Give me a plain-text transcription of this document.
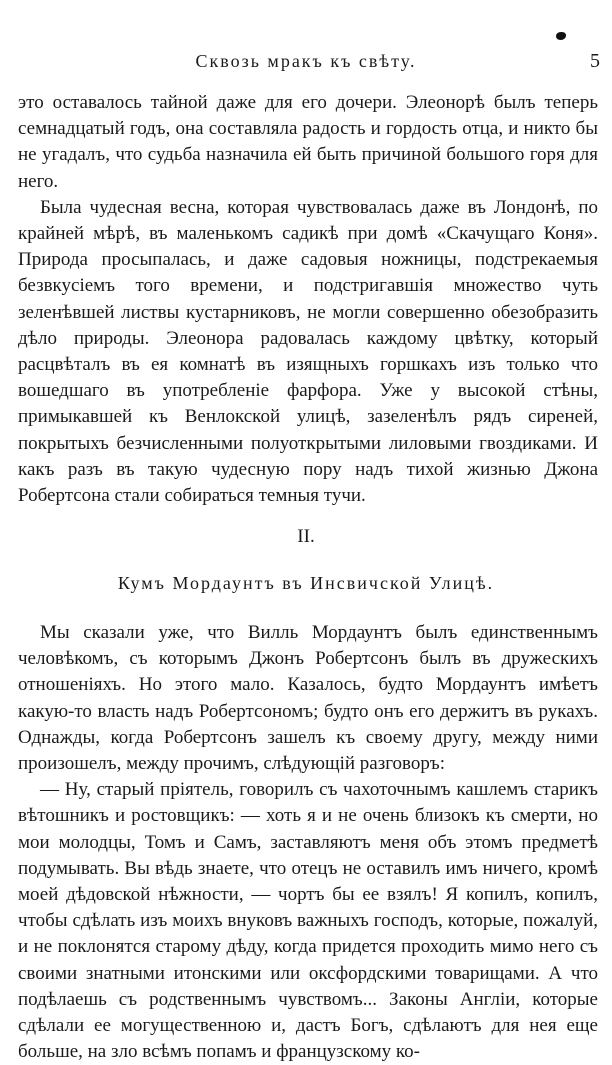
Сквозь мракъ къ свѣту.	5

это оставалось тайной даже для его дочери. Элеонорѣ былъ теперь семнадцатый годъ, она составляла радость и гордость отца, и никто бы не угадалъ, что судьба назначила ей быть причиной большого горя для него.

Была чудесная весна, которая чувствовалась даже въ Лондонѣ, по крайней мѣрѣ, въ маленькомъ садикѣ при домѣ «Скачущаго Коня». Природа просыпалась, и даже садовыя ножницы, подстрекаемыя безвкусіемъ того времени, и подстригавшія множество чуть зеленѣвшей листвы кустарниковъ, не могли совершенно обезобразить дѣло природы. Элеонора радовалась каждому цвѣтку, который расцвѣталъ въ ея комнатѣ въ изящныхъ горшкахъ изъ только что вошедшаго въ употребленіе фарфора. Уже у высокой стѣны, примыкавшей къ Венлокской улицѣ, зазеленѣлъ рядъ сиреней, покрытыхъ безчисленными полуоткрытыми лиловыми гвоздиками. И какъ разъ въ такую чудесную пору надъ тихой жизнью Джона Робертсона стали собираться темныя тучи.

II.
Кумъ Мордаунтъ въ Инсвичской Улицѣ.

Мы сказали уже, что Вилль Мордаунтъ былъ единственнымъ человѣкомъ, съ которымъ Джонъ Робертсонъ былъ въ дружескихъ отношеніяхъ. Но этого мало. Казалось, будто Мордаунтъ имѣетъ какую-то власть надъ Робертсономъ; будто онъ его держитъ въ рукахъ. Однажды, когда Робертсонъ зашелъ къ своему другу, между ними произошелъ, между прочимъ, слѣдующій разговоръ:

— Ну, старый пріятель, говорилъ съ чахоточнымъ кашлемъ старикъ вѣтошникъ и ростовщикъ: — хоть я и не очень близокъ къ смерти, но мои молодцы, Томъ и Самъ, заставляютъ меня объ этомъ предметѣ подумывать. Вы вѣдь знаете, что отецъ не оставилъ имъ ничего, кромѣ моей дѣдовской нѣжности, — чортъ бы ее взялъ! Я копилъ, копилъ, чтобы сдѣлать изъ моихъ внуковъ важныхъ господъ, которые, пожалуй, и не поклонятся старому дѣду, когда придется проходить мимо него съ своими знатными итонскими или оксфордскими товарищами. А что подѣлаешь съ родственнымъ чувствомъ... Законы Англіи, которые сдѣлали ее могущественною и, дастъ Богъ, сдѣлаютъ для нея еще больше, на зло всѣмъ попамъ и французскому ко-
